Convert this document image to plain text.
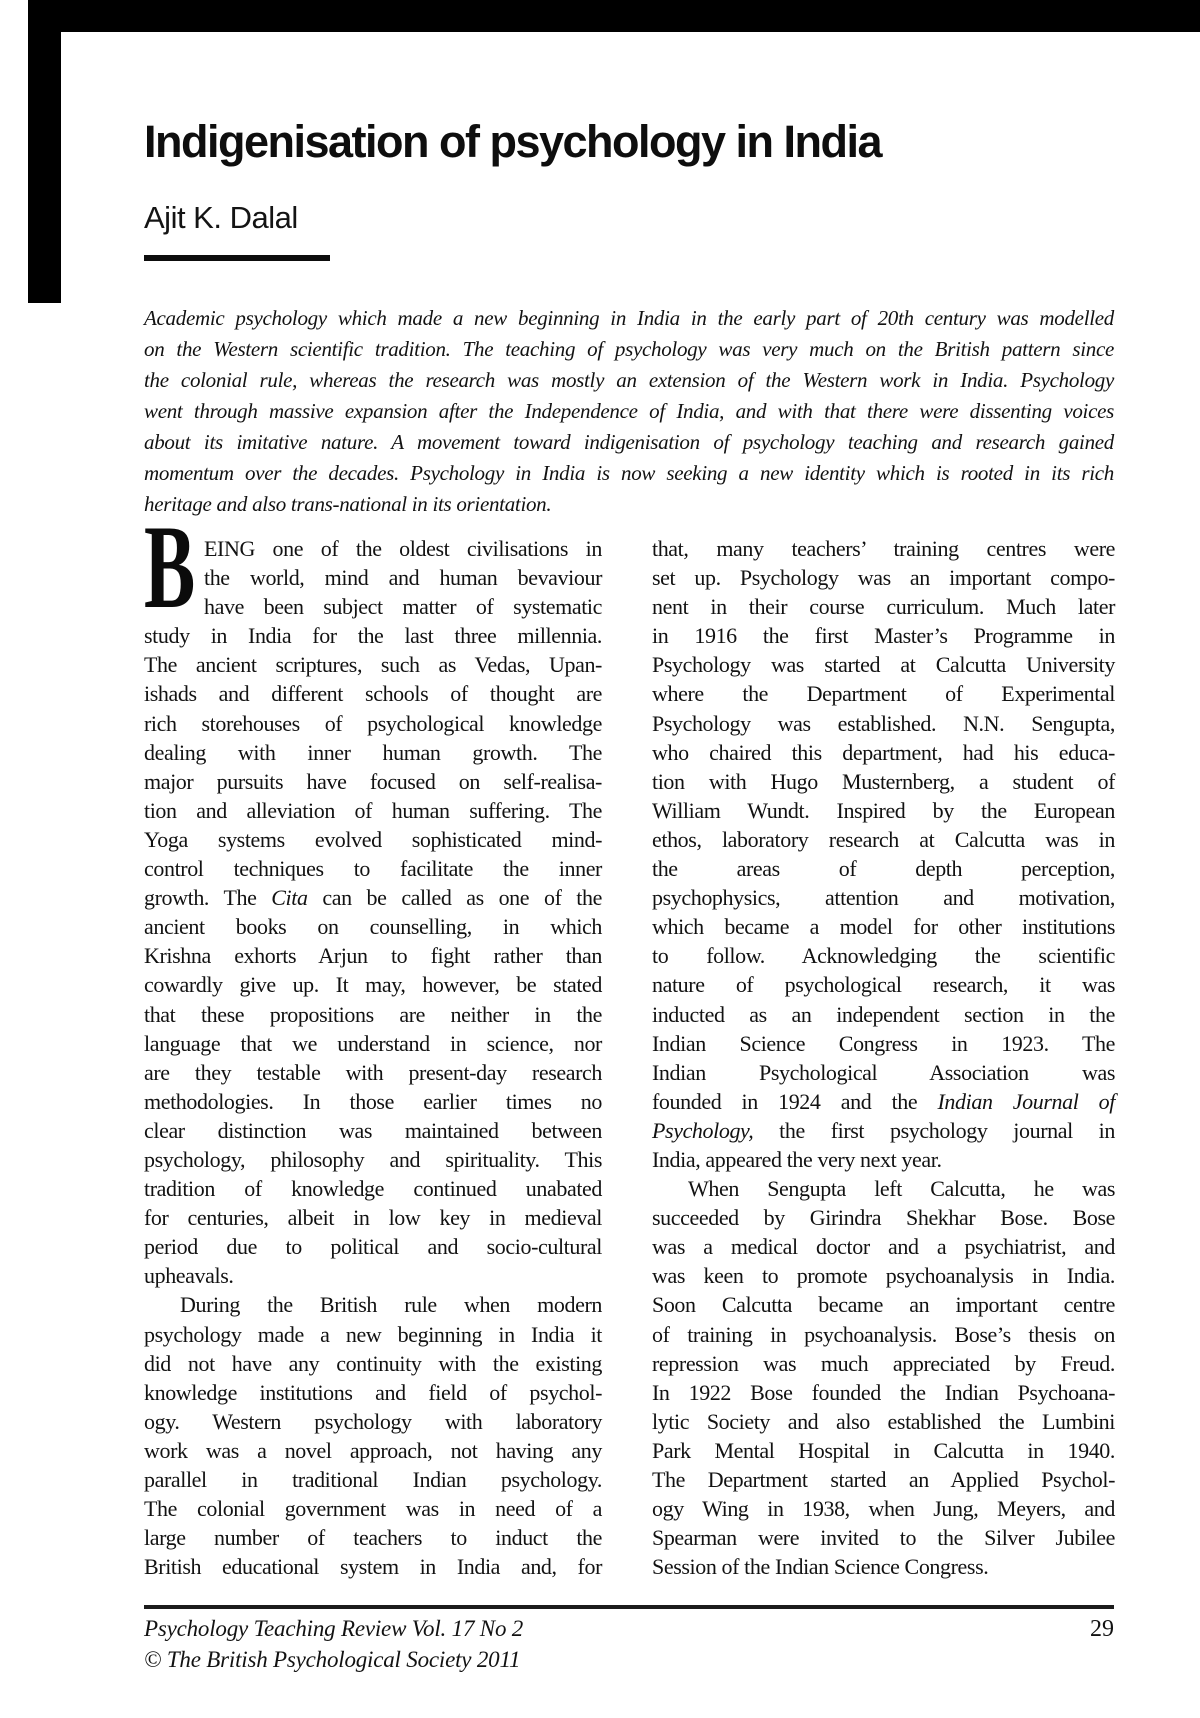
Indigenisation of psychology in India
Ajit K. Dalal
Academic psychology which made a new beginning in India in the early part of 20th century was modelled
on the Western scientific tradition. The teaching of psychology was very much on the British pattern since
the colonial rule, whereas the research was mostly an extension of the Western work in India. Psychology
went through massive expansion after the Independence of India, and with that there were dissenting voices
about its imitative nature. A movement toward indigenisation of psychology teaching and research gained
momentum over the decades. Psychology in India is now seeking a new identity which is rooted in its rich
heritage and also trans-national in its orientation.
B EING one of the oldest civilisations in
the world, mind and human bevaviour
have been subject matter of systematic
study in India for the last three millennia.
The ancient scriptures, such as Vedas, Upan-
ishads and different schools of thought are
rich storehouses of psychological knowledge
dealing with inner human growth. The
major pursuits have focused on self-realisa-
tion and alleviation of human suffering. The
Yoga systems evolved sophisticated mind-
control techniques to facilitate the inner
growth. The Cita can be called as one of the
ancient books on counselling, in which
Krishna exhorts Arjun to fight rather than
cowardly give up. It may, however, be stated
that these propositions are neither in the
language that we understand in science, nor
are they testable with present-day research
methodologies. In those earlier times no
clear distinction was maintained between
psychology, philosophy and spirituality. This
tradition of knowledge continued unabated
for centuries, albeit in low key in medieval
period due to political and socio-cultural
upheavals.
During the British rule when modern
psychology made a new beginning in India it
did not have any continuity with the existing
knowledge institutions and field of psychol-
ogy. Western psychology with laboratory
work was a novel approach, not having any
parallel in traditional Indian psychology.
The colonial government was in need of a
large number of teachers to induct the
British educational system in India and, for
that, many teachers’ training centres were
set up. Psychology was an important compo-
nent in their course curriculum. Much later
in 1916 the first Master’s Programme in
Psychology was started at Calcutta University
where the Department of Experimental
Psychology was established. N.N. Sengupta,
who chaired this department, had his educa-
tion with Hugo Musternberg, a student of
William Wundt. Inspired by the European
ethos, laboratory research at Calcutta was in
the areas of depth perception,
psychophysics, attention and motivation,
which became a model for other institutions
to follow. Acknowledging the scientific
nature of psychological research, it was
inducted as an independent section in the
Indian Science Congress in 1923. The
Indian Psychological Association was
founded in 1924 and the Indian Journal of
Psychology, the first psychology journal in
India, appeared the very next year.
When Sengupta left Calcutta, he was
succeeded by Girindra Shekhar Bose. Bose
was a medical doctor and a psychiatrist, and
was keen to promote psychoanalysis in India.
Soon Calcutta became an important centre
of training in psychoanalysis. Bose’s thesis on
repression was much appreciated by Freud.
In 1922 Bose founded the Indian Psychoana-
lytic Society and also established the Lumbini
Park Mental Hospital in Calcutta in 1940.
The Department started an Applied Psychol-
ogy Wing in 1938, when Jung, Meyers, and
Spearman were invited to the Silver Jubilee
Session of the Indian Science Congress.
Psychology Teaching Review Vol. 17 No 2
© The British Psychological Society 2011
29
